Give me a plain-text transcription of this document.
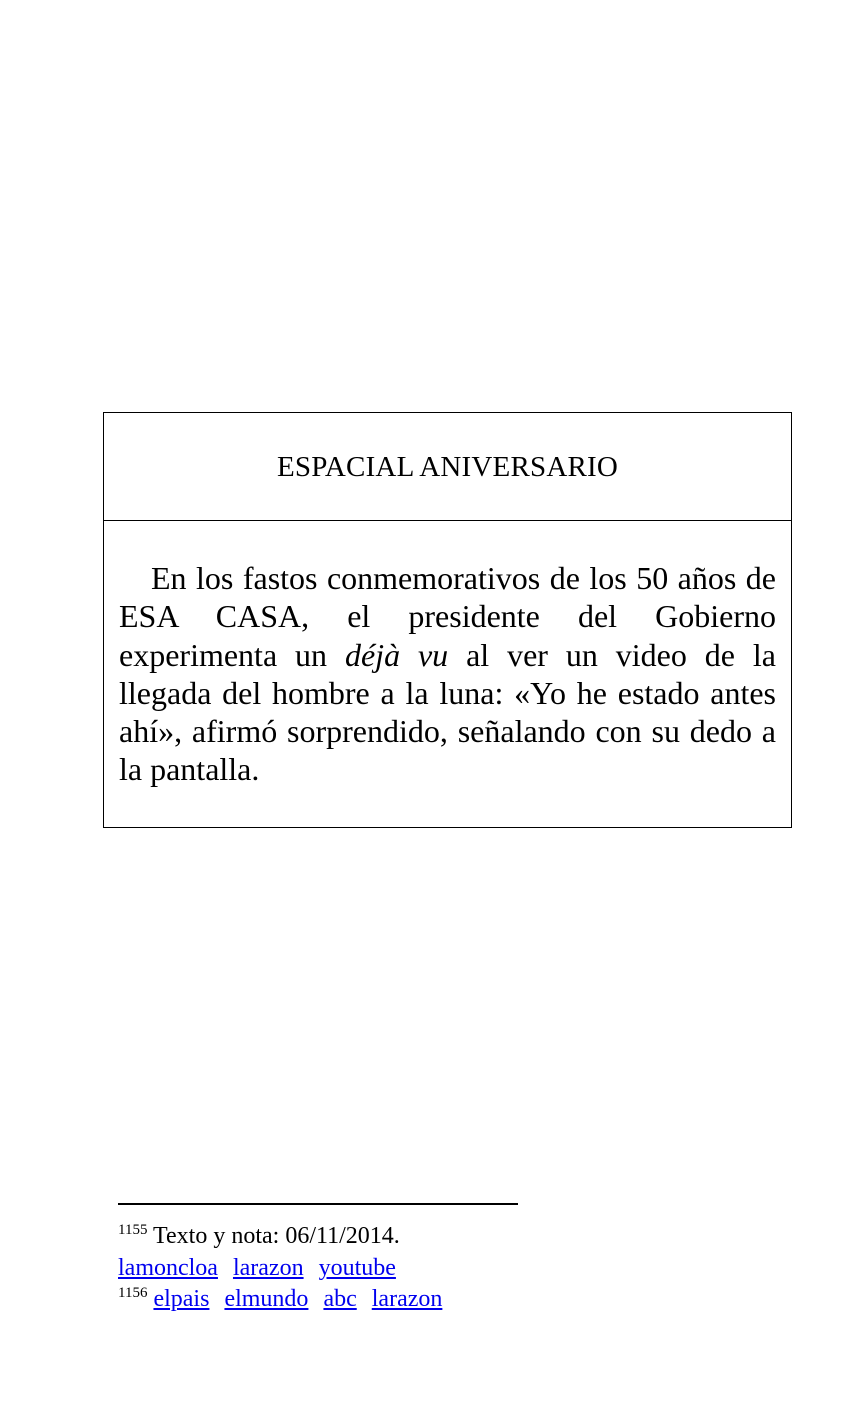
ESPACIAL ANIVERSARIO
En los fastos conmemorativos de los 50 años de ESA CASA, el presidente del Gobierno experimenta un déjà vu al ver un video de la llegada del hombre a la luna: «Yo he estado antes ahí», afirmó sorprendido, señalando con su dedo a la pantalla.
$^{1155}$ Texto y nota: 06/11/2014.
lamoncloa larazon youtube
$^{1156}$ elpais elmundo abc larazon
